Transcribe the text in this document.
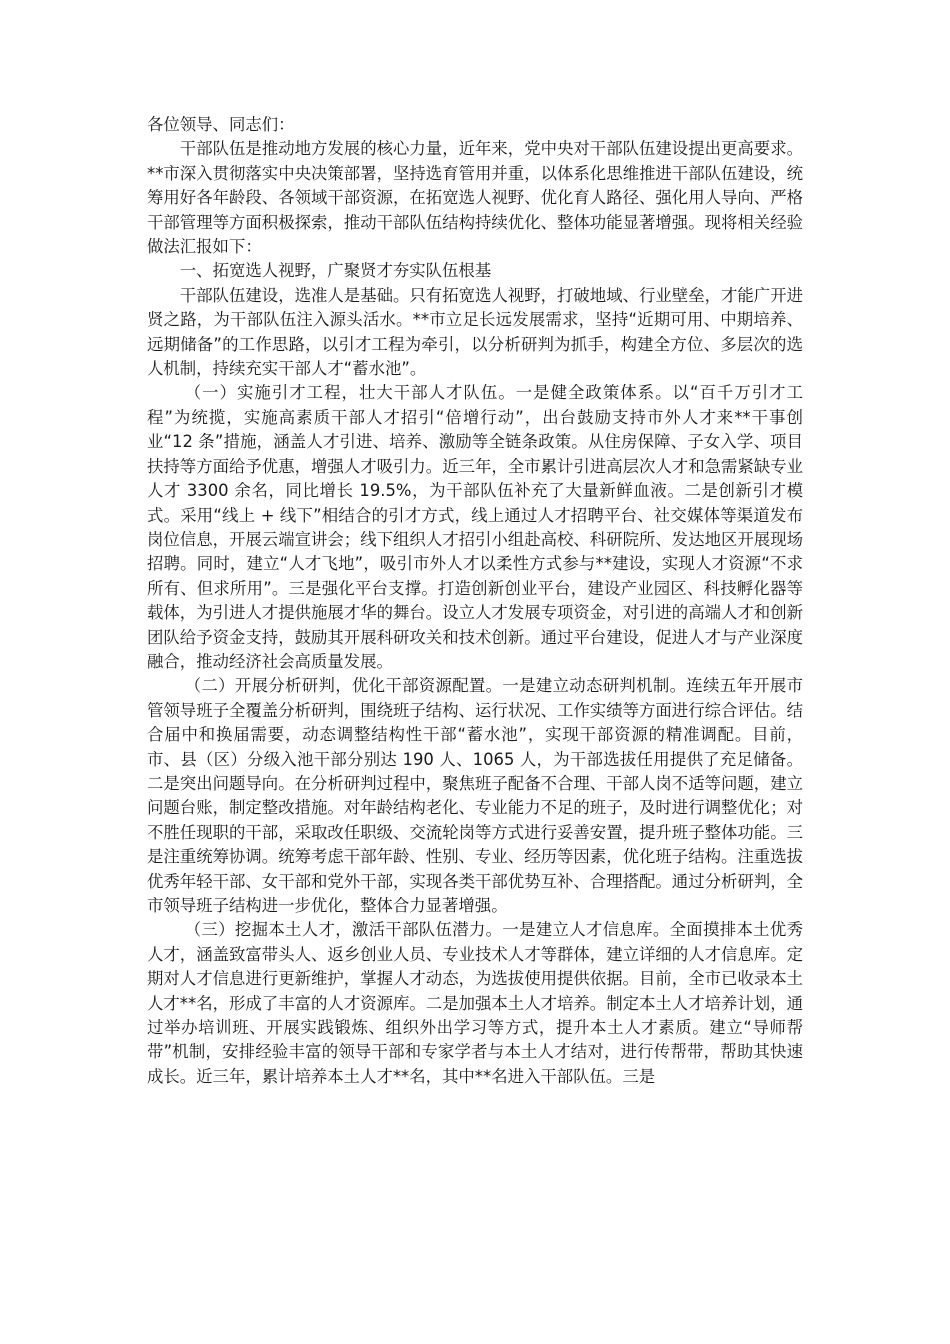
各位领导、同志们：

干部队伍是推动地方发展的核心力量，近年来，党中央对干部队伍建设提出更高要求。**市深入贯彻落实中央决策部署，坚持选育管用并重，以体系化思维推进干部队伍建设，统筹用好各年龄段、各领域干部资源，在拓宽选人视野、优化育人路径、强化用人导向、严格干部管理等方面积极探索，推动干部队伍结构持续优化、整体功能显著增强。现将相关经验做法汇报如下：

一、拓宽选人视野，广聚贤才夯实队伍根基

干部队伍建设，选准人是基础。只有拓宽选人视野，打破地域、行业壁垒，才能广开进贤之路，为干部队伍注入源头活水。**市立足长远发展需求，坚持“近期可用、中期培养、远期储备”的工作思路，以引才工程为牵引，以分析研判为抓手，构建全方位、多层次的选人机制，持续充实干部人才“蓄水池”。

（一）实施引才工程，壮大干部人才队伍。一是健全政策体系。以“百千万引才工程”为统揽，实施高素质干部人才招引“倍增行动”，出台鼓励支持市外人才来**干事创业“12 条”措施，涵盖人才引进、培养、激励等全链条政策。从住房保障、子女入学、项目扶持等方面给予优惠，增强人才吸引力。近三年，全市累计引进高层次人才和急需紧缺专业人才 3300 余名，同比增长 19.5%，为干部队伍补充了大量新鲜血液。二是创新引才模式。采用“线上 + 线下”相结合的引才方式，线上通过人才招聘平台、社交媒体等渠道发布岗位信息，开展云端宣讲会；线下组织人才招引小组赴高校、科研院所、发达地区开展现场招聘。同时，建立“人才飞地”，吸引市外人才以柔性方式参与**建设，实现人才资源“不求所有、但求所用”。三是强化平台支撑。打造创新创业平台，建设产业园区、科技孵化器等载体，为引进人才提供施展才华的舞台。设立人才发展专项资金，对引进的高端人才和创新团队给予资金支持，鼓励其开展科研攻关和技术创新。通过平台建设，促进人才与产业深度融合，推动经济社会高质量发展。

（二）开展分析研判，优化干部资源配置。一是建立动态研判机制。连续五年开展市管领导班子全覆盖分析研判，围绕班子结构、运行状况、工作实绩等方面进行综合评估。结合届中和换届需要，动态调整结构性干部“蓄水池”，实现干部资源的精准调配。目前，市、县（区）分级入池干部分别达 190 人、1065 人，为干部选拔任用提供了充足储备。二是突出问题导向。在分析研判过程中，聚焦班子配备不合理、干部人岗不适等问题，建立问题台账，制定整改措施。对年龄结构老化、专业能力不足的班子，及时进行调整优化；对不胜任现职的干部，采取改任职级、交流轮岗等方式进行妥善安置，提升班子整体功能。三是注重统筹协调。统筹考虑干部年龄、性别、专业、经历等因素，优化班子结构。注重选拔优秀年轻干部、女干部和党外干部，实现各类干部优势互补、合理搭配。通过分析研判，全市领导班子结构进一步优化，整体合力显著增强。

（三）挖掘本土人才，激活干部队伍潜力。一是建立人才信息库。全面摸排本土优秀人才，涵盖致富带头人、返乡创业人员、专业技术人才等群体，建立详细的人才信息库。定期对人才信息进行更新维护，掌握人才动态，为选拔使用提供依据。目前，全市已收录本土人才**名，形成了丰富的人才资源库。二是加强本土人才培养。制定本土人才培养计划，通过举办培训班、开展实践锻炼、组织外出学习等方式，提升本土人才素质。建立“导师帮带”机制，安排经验丰富的领导干部和专家学者与本土人才结对，进行传帮带，帮助其快速成长。近三年，累计培养本土人才**名，其中**名进入干部队伍。三是
